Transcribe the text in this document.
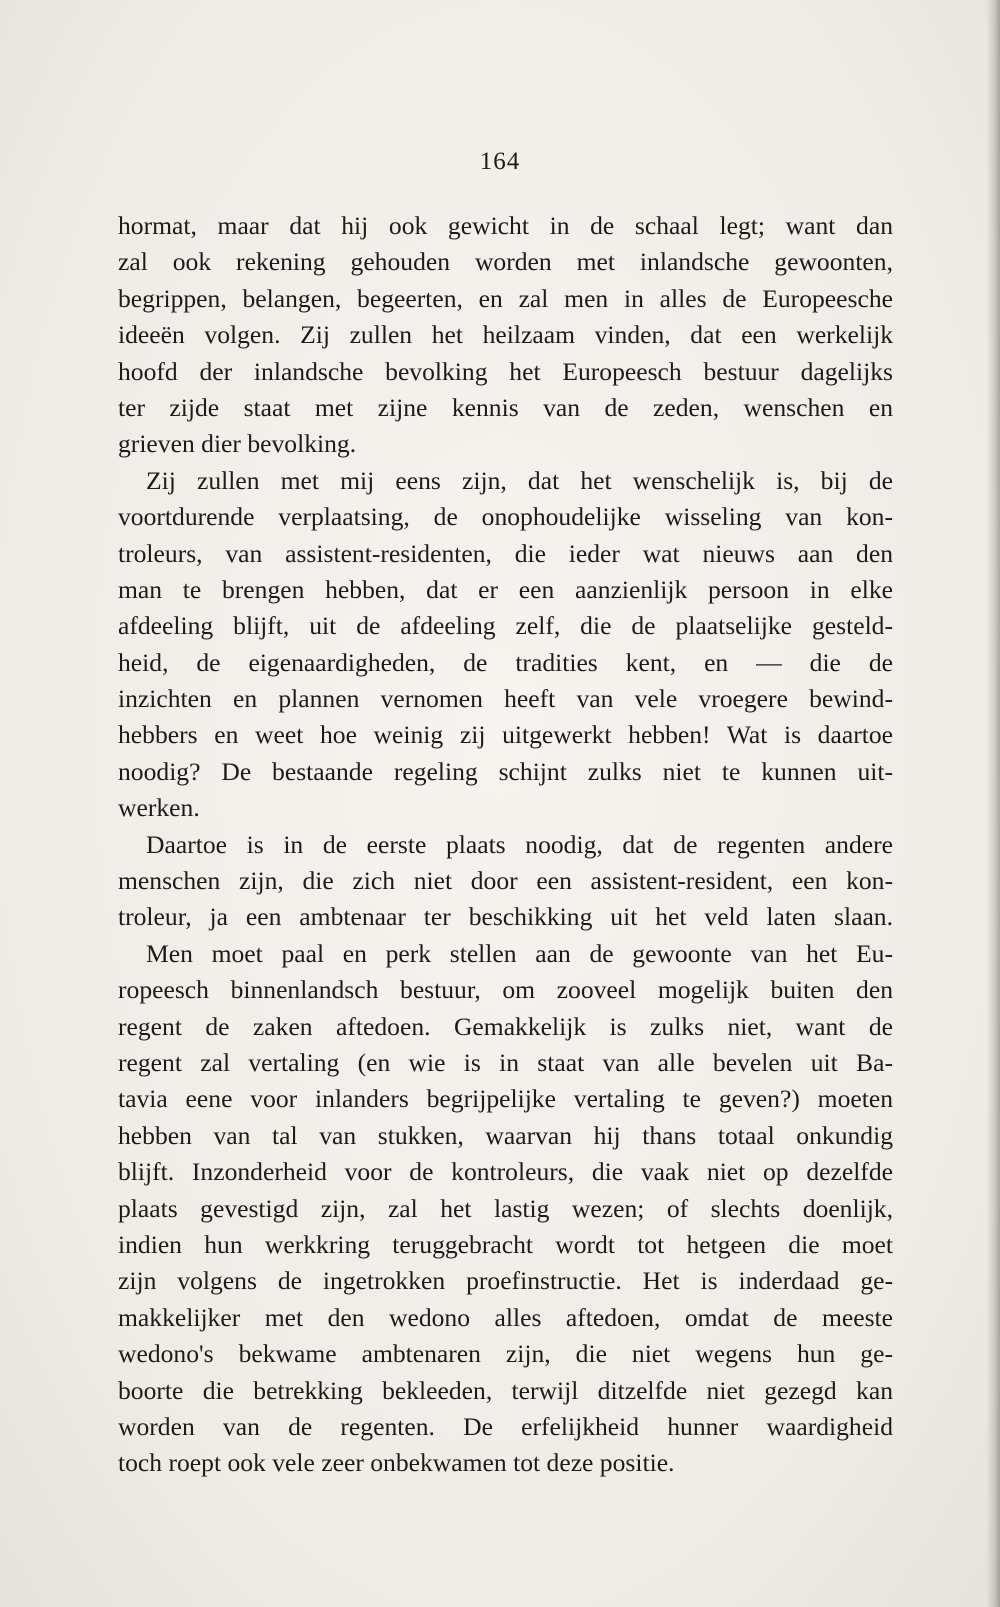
164
hormat, maar dat hij ook gewicht in de schaal legt; want dan
zal ook rekening gehouden worden met inlandsche gewoonten,
begrippen, belangen, begeerten, en zal men in alles de Europeesche
ideeën volgen. Zij zullen het heilzaam vinden, dat een werkelijk
hoofd der inlandsche bevolking het Europeesch bestuur dagelijks
ter zijde staat met zijne kennis van de zeden, wenschen en
grieven dier bevolking.
Zij zullen met mij eens zijn, dat het wenschelijk is, bij de
voortdurende verplaatsing, de onophoudelijke wisseling van kon-
troleurs, van assistent-residenten, die ieder wat nieuws aan den
man te brengen hebben, dat er een aanzienlijk persoon in elke
afdeeling blijft, uit de afdeeling zelf, die de plaatselijke gesteld-
heid, de eigenaardigheden, de tradities kent, en — die de
inzichten en plannen vernomen heeft van vele vroegere bewind-
hebbers en weet hoe weinig zij uitgewerkt hebben! Wat is daartoe
noodig? De bestaande regeling schijnt zulks niet te kunnen uit-
werken.
Daartoe is in de eerste plaats noodig, dat de regenten andere
menschen zijn, die zich niet door een assistent-resident, een kon-
troleur, ja een ambtenaar ter beschikking uit het veld laten slaan.
Men moet paal en perk stellen aan de gewoonte van het Eu-
ropeesch binnenlandsch bestuur, om zooveel mogelijk buiten den
regent de zaken aftedoen. Gemakkelijk is zulks niet, want de
regent zal vertaling (en wie is in staat van alle bevelen uit Ba-
tavia eene voor inlanders begrijpelijke vertaling te geven?) moeten
hebben van tal van stukken, waarvan hij thans totaal onkundig
blijft. Inzonderheid voor de kontroleurs, die vaak niet op dezelfde
plaats gevestigd zijn, zal het lastig wezen; of slechts doenlijk,
indien hun werkkring teruggebracht wordt tot hetgeen die moet
zijn volgens de ingetrokken proefinstructie. Het is inderdaad ge-
makkelijker met den wedono alles aftedoen, omdat de meeste
wedono's bekwame ambtenaren zijn, die niet wegens hun ge-
boorte die betrekking bekleeden, terwijl ditzelfde niet gezegd kan
worden van de regenten. De erfelijkheid hunner waardigheid
toch roept ook vele zeer onbekwamen tot deze positie.
